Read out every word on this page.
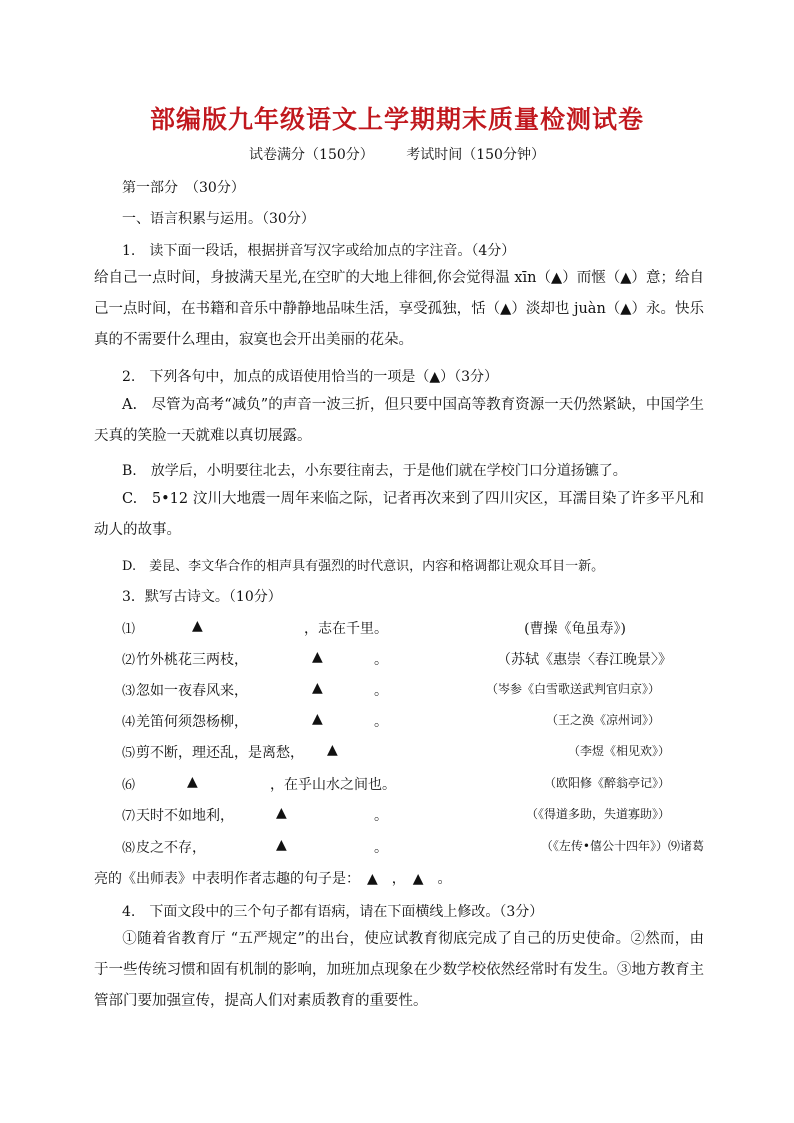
部编版九年级语文上学期期末质量检测试卷
试卷满分（150分） 考试时间（150分钟）
第一部分　（30分）
一、语言积累与运用。（30分）
1.　读下面一段话，根据拼音写汉字或给加点的字注音。（4分）
给自己一点时间，身披满天星光,在空旷的大地上徘徊,你会觉得温 xīn（▲）而惬（▲）意；给自己一点时间，在书籍和音乐中静静地品味生活，享受孤独，恬（▲）淡却也 juàn（▲）永。快乐真的不需要什么理由，寂寞也会开出美丽的花朵。
2.　下列各句中，加点的成语使用恰当的一项是（▲）（3分）
A.　尽管为高考“减负”的声音一波三折，但只要中国高等教育资源一天仍然紧缺，中国学生天真的笑脸一天就难以真切展露。
B.　放学后，小明要往北去，小东要往南去，于是他们就在学校门口分道扬镳了。
C.　5•12 汶川大地震一周年来临之际，记者再次来到了四川灾区，耳濡目染了许多平凡和动人的故事。
D.　姜昆、李文华合作的相声具有强烈的时代意识，内容和格调都让观众耳目一新。
3．默写古诗文。（10分）
⑴	▲	，志在千里。	(曹操《龟虽寿》)
⑵ 竹外桃花三两枝，	▲	。	（苏轼《惠崇〈春江晚景〉》
⑶ 忽如一夜春风来，	▲	。	（岑参《白雪歌送武判官归京》）
⑷ 羌笛何须怨杨柳，	▲	。	（王之涣《凉州词》）
⑸ 剪不断，理还乱，是离愁， ▲	（李煜《相见欢》）
⑹	▲	，在乎山水之间也。	（欧阳修《醉翁亭记》）
⑺ 天时不如地利，	▲	。	（《得道多助，失道寡助》）
⑻ 皮之不存，	▲	。	（《左传•僖公十四年》）⑼诸葛
亮的《出师表》中表明作者志趣的句子是：　▲　，　▲　。
4.　下面文段中的三个句子都有语病，请在下面横线上修改。（3分）
①随着省教育厅 “五严规定”的出台，使应试教育彻底完成了自己的历史使命。②然而，由于一些传统习惯和固有机制的影响，加班加点现象在少数学校依然经常时有发生。③地方教育主管部门要加强宣传，提高人们对素质教育的重要性。
